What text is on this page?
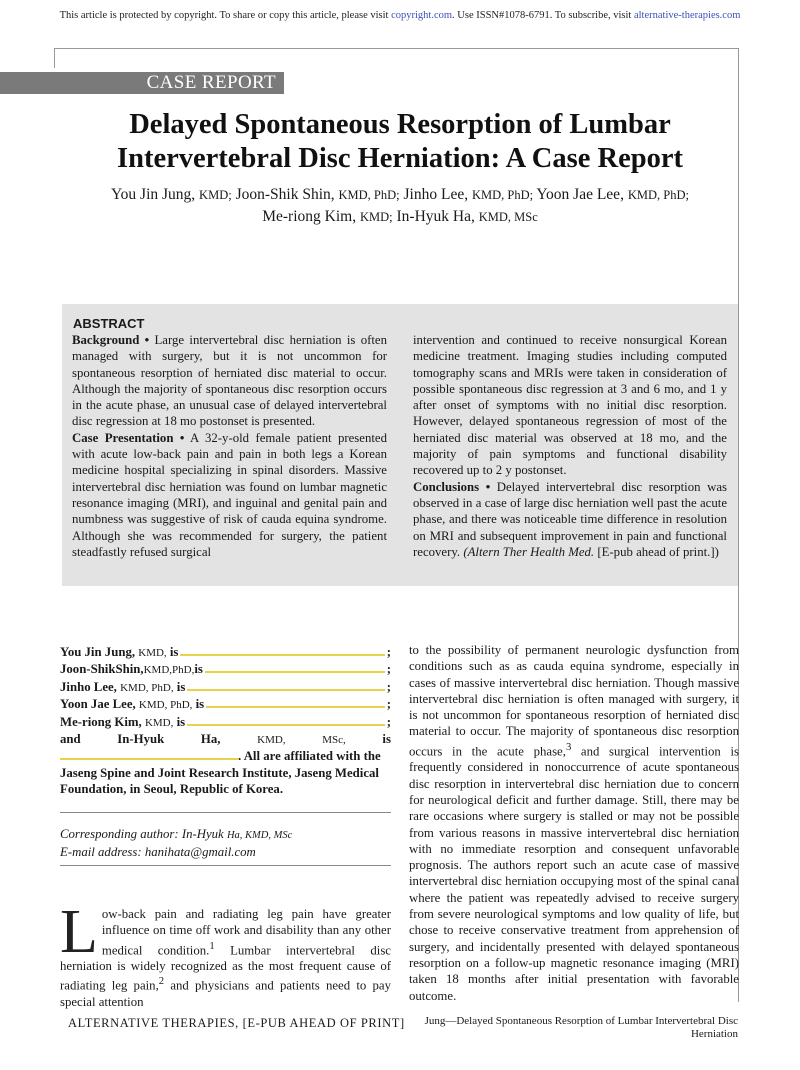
This article is protected by copyright. To share or copy this article, please visit copyright.com. Use ISSN#1078-6791. To subscribe, visit alternative-therapies.com
CASE REPORT
Delayed Spontaneous Resorption of Lumbar Intervertebral Disc Herniation: A Case Report
You Jin Jung, KMD; Joon-Shik Shin, KMD, PhD; Jinho Lee, KMD, PhD; Yoon Jae Lee, KMD, PhD;
Me-riong Kim, KMD; In-Hyuk Ha, KMD, MSc
ABSTRACT

Background • Large intervertebral disc herniation is often managed with surgery, but it is not uncommon for spontaneous resorption of herniated disc material to occur. Although the majority of spontaneous disc resorption occurs in the acute phase, an unusual case of delayed intervertebral disc regression at 18 mo postonset is presented.

Case Presentation • A 32-y-old female patient presented with acute low-back pain and pain in both legs a Korean medicine hospital specializing in spinal disorders. Massive intervertebral disc herniation was found on lumbar magnetic resonance imaging (MRI), and inguinal and genital pain and numbness was suggestive of risk of cauda equina syndrome. Although she was recommended for surgery, the patient steadfastly refused surgical

intervention and continued to receive nonsurgical Korean medicine treatment. Imaging studies including computed tomography scans and MRIs were taken in consideration of possible spontaneous disc regression at 3 and 6 mo, and 1 y after onset of symptoms with no initial disc resorption. However, delayed spontaneous regression of most of the herniated disc material was observed at 18 mo, and the majority of pain symptoms and functional disability recovered up to 2 y postonset.

Conclusions • Delayed intervertebral disc resorption was observed in a case of large disc herniation well past the acute phase, and there was noticeable time difference in resolution on MRI and subsequent improvement in pain and functional recovery. (Altern Ther Health Med. [E-pub ahead of print.])

You Jin Jung,
KMD,
is	;
Joon-ShikShin, KMD,PhD, is	;
Jinho Lee,
KMD, PhD,
is	;
Yoon Jae Lee,
KMD, PhD,
is	;
Me-riong Kim,
KMD,
is	;
and	In-Hyuk	Ha,	KMD,	MSc,	is
. All are affiliated with the Jaseng Spine and Joint Research Institute, Jaseng Medical Foundation, in Seoul, Republic of Korea.
Corresponding author: In-Hyuk Ha, KMD, MSc
E-mail address: hanihata@gmail.com
Low-back pain and radiating leg pain have greater influence on time off work and disability than any other medical condition.$^1$ Lumbar intervertebral disc herniation is widely recognized as the most frequent cause of radiating leg pain,$^2$ and physicians and patients need to pay special attention

to the possibility of permanent neurologic dysfunction from conditions such as as cauda equina syndrome, especially in cases of massive intervertebral disc herniation. Though massive intervertebral disc herniation is often managed with surgery, it is not uncommon for spontaneous resorption of herniated disc material to occur. The majority of spontaneous disc resorption occurs in the acute phase,$^3$ and surgical intervention is frequently considered in nonoccurrence of acute spontaneous disc resorption in intervertebral disc herniation due to concern for neurological deficit and further damage. Still, there may be rare occasions where surgery is stalled or may not be possible from various reasons in massive intervertebral disc herniation with no immediate resorption and consequent unfavorable prognosis. The authors report such an acute case of massive intervertebral disc herniation occupying most of the spinal canal where the patient was repeatedly advised to receive surgery from severe neurological symptoms and low quality of life, but chose to receive conservative treatment from apprehension of surgery, and incidentally presented with delayed spontaneous resorption on a follow-up magnetic resonance imaging (MRI) taken 18 months after initial presentation with favorable outcome.

ALTERNATIVE THERAPIES, [E-PUB AHEAD OF PRINT]	Jung—Delayed Spontaneous Resorption of Lumbar Intervertebral Disc Herniation
